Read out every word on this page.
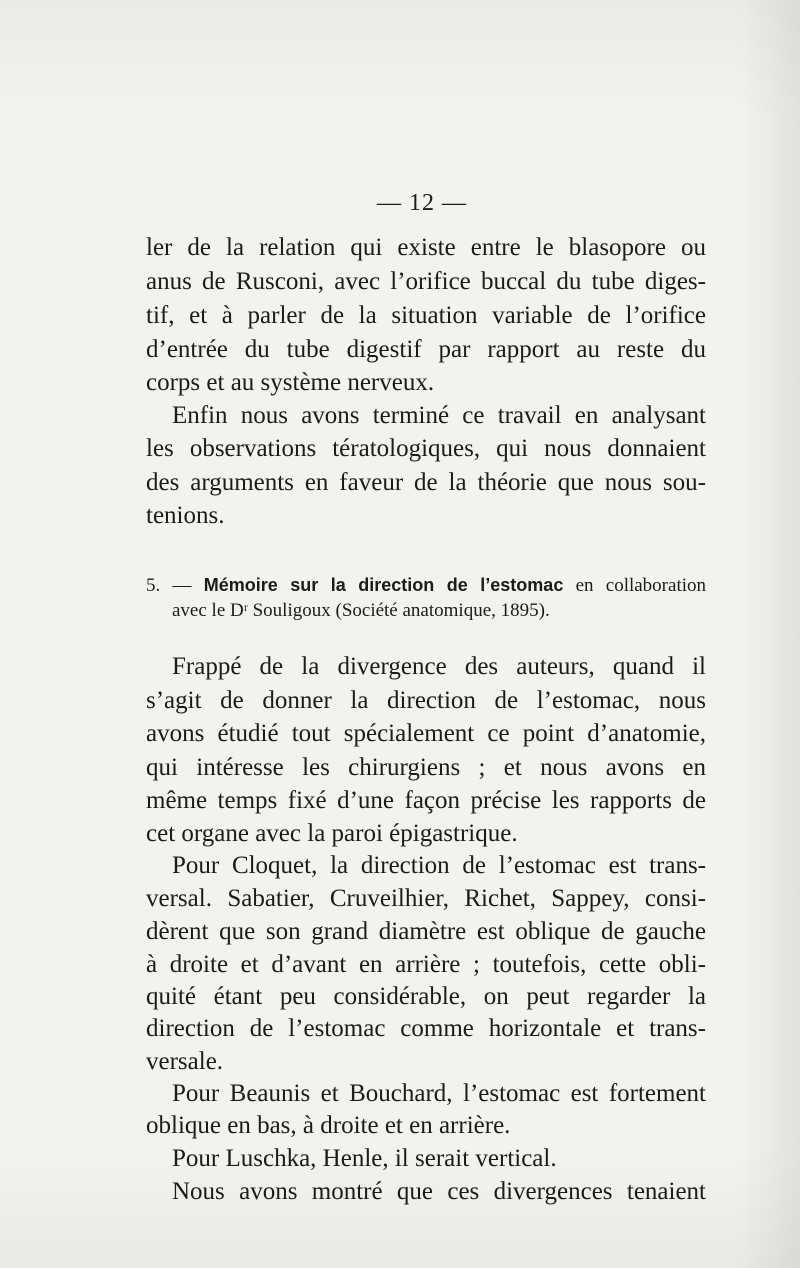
— 12 —
ler de la relation qui existe entre le blasopore ou
anus de Rusconi, avec l’orifice buccal du tube diges-
tif, et à parler de la situation variable de l’orifice
d’entrée du tube digestif par rapport au reste du
corps et au système nerveux.
Enfin nous avons terminé ce travail en analysant
les observations tératologiques, qui nous donnaient
des arguments en faveur de la théorie que nous sou-
tenions.
5. — Mémoire sur la direction de l’estomac en collaboration
avec le Dʳ Souligoux (Société anatomique, 1895).
Frappé de la divergence des auteurs, quand il
s’agit de donner la direction de l’estomac, nous
avons étudié tout spécialement ce point d’anatomie,
qui intéresse les chirurgiens ; et nous avons en
même temps fixé d’une façon précise les rapports de
cet organe avec la paroi épigastrique.
Pour Cloquet, la direction de l’estomac est trans-
versal. Sabatier, Cruveilhier, Richet, Sappey, consi-
dèrent que son grand diamètre est oblique de gauche
à droite et d’avant en arrière ; toutefois, cette obli-
quité étant peu considérable, on peut regarder la
direction de l’estomac comme horizontale et trans-
versale.
Pour Beaunis et Bouchard, l’estomac est fortement
oblique en bas, à droite et en arrière.
Pour Luschka, Henle, il serait vertical.
Nous avons montré que ces divergences tenaient
